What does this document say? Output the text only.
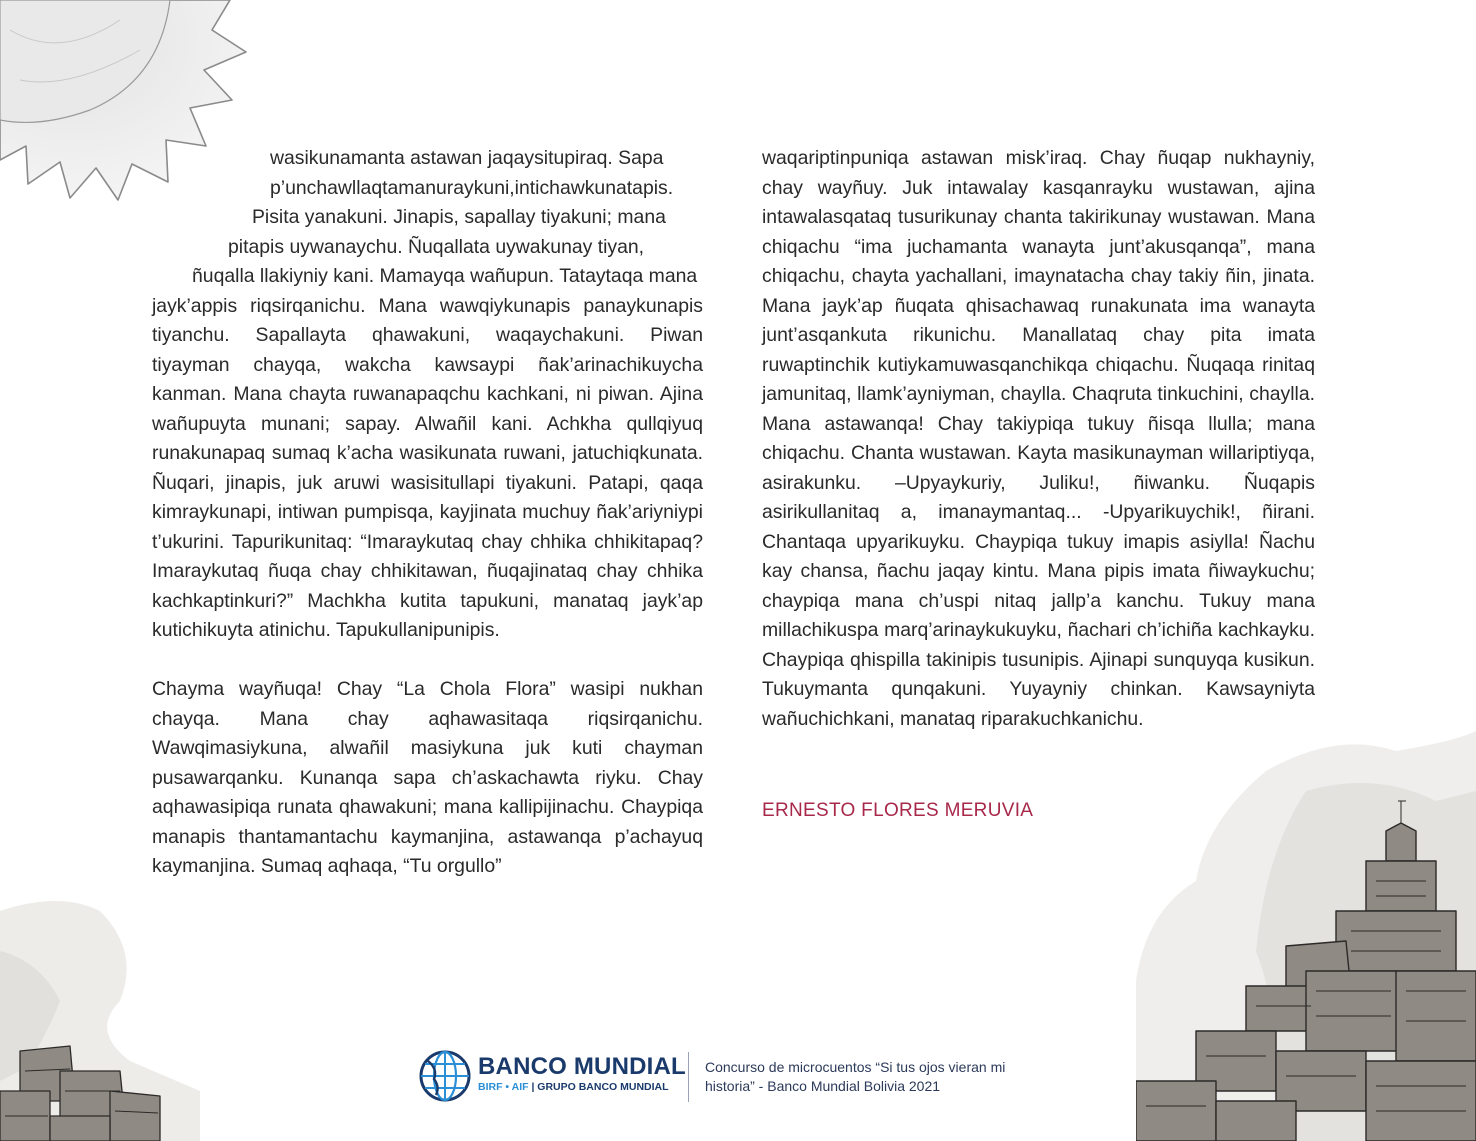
wasikunamanta astawan jaqaysitupiraq. Sapa

p’unchawllaqtamanuraykuni,intichawkunatapis.

Pisita yanakuni. Jinapis, sapallay tiyakuni; mana

pitapis uywanaychu. Ñuqallata uywakunay tiyan,

ñuqalla llakiyniy kani. Mamayqa wañupun. Tataytaqa mana

jayk’appis riqsirqanichu. Mana wawqiykunapis panaykunapis tiyanchu. Sapallayta qhawakuni, waqaychakuni. Piwan tiyayman chayqa, wakcha kawsaypi ñak’arinachikuycha kanman. Mana chayta ruwanapaqchu kachkani, ni piwan. Ajina wañupuyta munani; sapay. Alwañil kani. Achkha qullqiyuq runakunapaq sumaq k’acha wasikunata ruwani, jatuchiqkunata. Ñuqari, jinapis, juk aruwi wasisitullapi tiyakuni. Patapi, qaqa kimraykunapi, intiwan pumpisqa, kayjinata muchuy ñak’ariyniypi t’ukurini. Tapurikunitaq: “Imaraykutaq chay chhika chhikitapaq? Imaraykutaq ñuqa chay chhikitawan, ñuqajinataq chay chhika kachkaptinkuri?” Machkha kutita tapukuni, manataq jayk’ap kutichikuyta atinichu. Tapukullanipunipis.

Chayma wayñuqa! Chay “La Chola Flora” wasipi nukhan chayqa. Mana chay aqhawasitaqa riqsirqanichu. Wawqimasiykuna, alwañil masiykuna juk kuti chayman pusawarqanku. Kunanqa sapa ch’askachawta riyku. Chay aqhawasipiqa runata qhawakuni; mana kallipijinachu. Chaypiqa manapis thantamantachu kaymanjina, astawanqa p’achayuq kaymanjina. Sumaq aqhaqa, “Tu orgullo”

waqariptinpuniqa astawan misk’iraq. Chay ñuqap nukhayniy, chay wayñuy. Juk intawalay kasqanrayku wustawan, ajina intawalasqataq tusurikunay chanta takirikunay wustawan. Mana chiqachu “ima juchamanta wanayta junt’akusqanqa”, mana chiqachu, chayta yachallani, imaynatacha chay takiy ñin, jinata. Mana jayk’ap ñuqata qhisachawaq runakunata ima wanayta junt’asqankuta rikunichu. Manallataq chay pita imata ruwaptinchik kutiykamuwasqanchikqa chiqachu. Ñuqaqa rinitaq jamunitaq, llamk’ayniyman, chaylla. Chaqruta tinkuchini, chaylla. Mana astawanqa! Chay takiypiqa tukuy ñisqa llulla; mana chiqachu. Chanta wustawan. Kayta masikunayman willariptiyqa, asirakunku. –Upyaykuriy, Juliku!, ñiwanku. Ñuqapis asirikullanitaq a, imanaymantaq... -Upyarikuychik!, ñirani. Chantaqa upyarikuyku. Chaypiqa tukuy imapis asiylla! Ñachu kay chansa, ñachu jaqay kintu. Mana pipis imata ñiwaykuchu; chaypiqa mana ch’uspi nitaq jallp’a kanchu. Tukuy mana millachikuspa marq’arinaykukuyku, ñachari ch’ichiña kachkayku. Chaypiqa qhispilla takinipis tusunipis. Ajinapi sunquyqa kusikun. Tukuymanta qunqakuni. Yuyayniy chinkan. Kawsayniyta wañuchichkani, manataq riparakuchkanichu.

ERNESTO FLORES MERUVIA
BANCO MUNDIAL
BIRF • AIF | GRUPO BANCO MUNDIAL
Concurso de microcuentos “Si tus ojos vieran mi historia” - Banco Mundial Bolivia 2021
